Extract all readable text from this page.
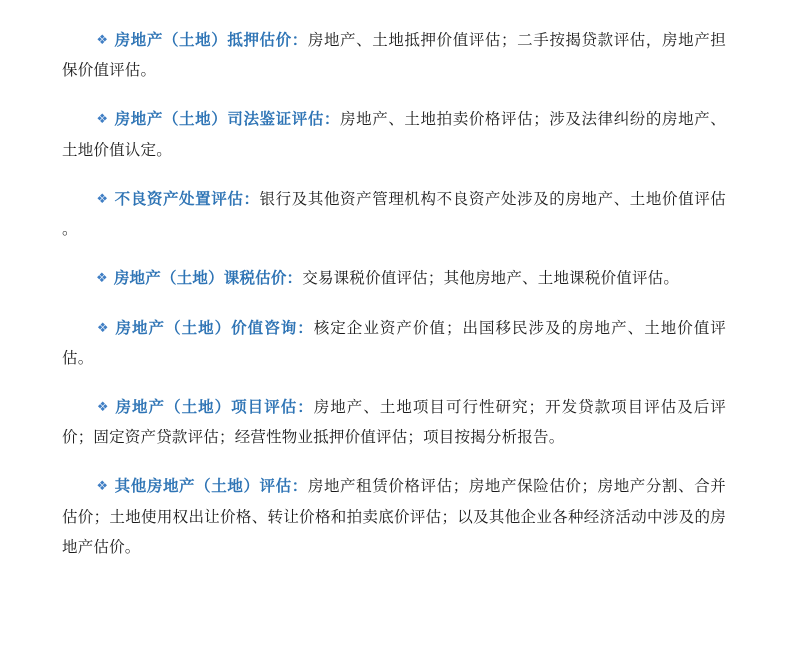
❖ 房地产（土地）抵押估价：房地产、土地抵押价值评估；二手按揭贷款评估，房地产担保价值评估。

❖ 房地产（土地）司法鉴证评估：房地产、土地拍卖价格评估；涉及法律纠纷的房地产、土地价值认定。

❖ 不良资产处置评估：银行及其他资产管理机构不良资产处涉及的房地产、土地价值评估 。

❖ 房地产（土地）课税估价：交易课税价值评估；其他房地产、土地课税价值评估。

❖ 房地产（土地）价值咨询：核定企业资产价值；出国移民涉及的房地产、土地价值评估。

❖ 房地产（土地）项目评估：房地产、土地项目可行性研究；开发贷款项目评估及后评价；固定资产贷款评估；经营性物业抵押价值评估；项目按揭分析报告。

❖ 其他房地产（土地）评估：房地产租赁价格评估；房地产保险估价；房地产分割、合并估价；土地使用权出让价格、转让价格和拍卖底价评估；以及其他企业各种经济活动中涉及的房地产估价。
